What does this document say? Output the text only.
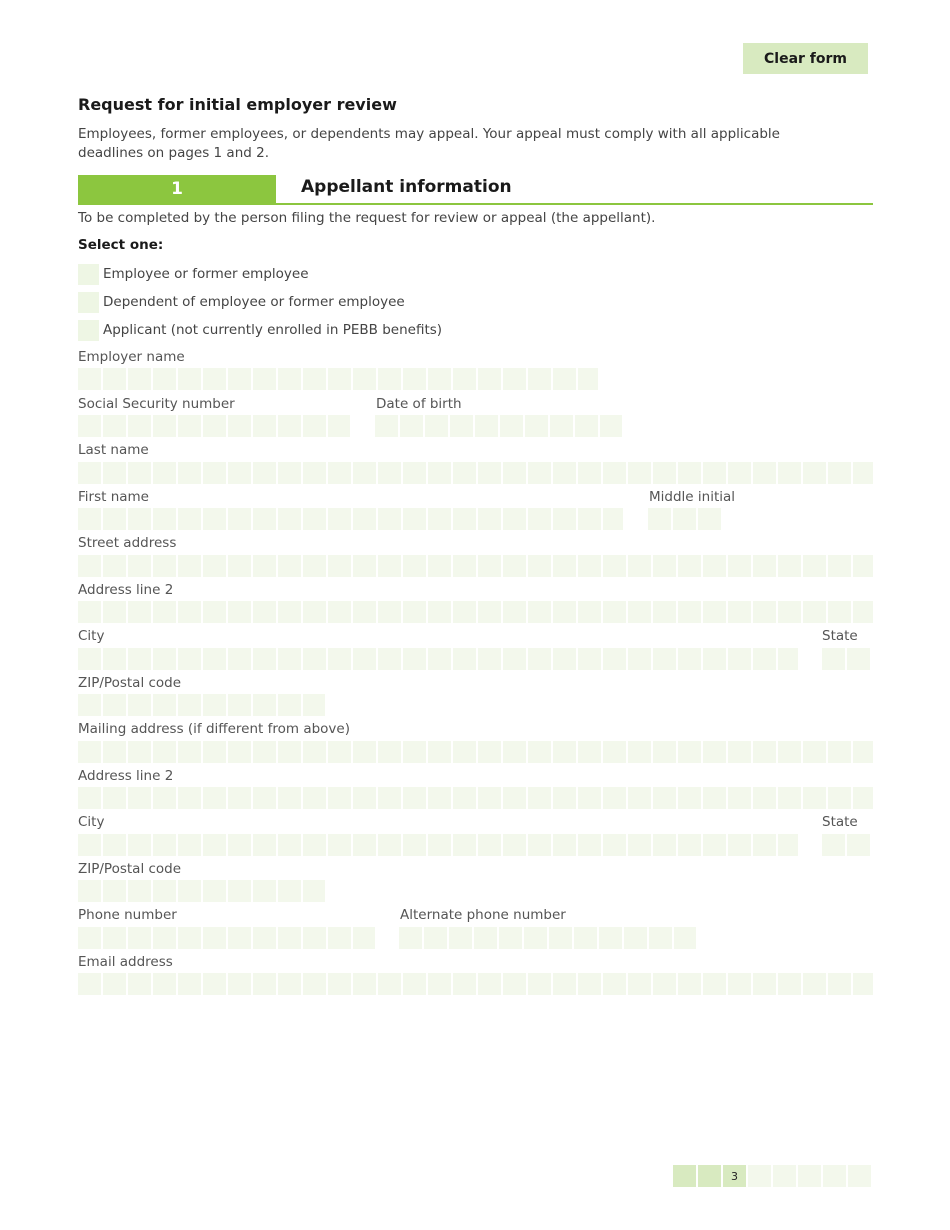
Clear form
Request for initial employer review
Employees, former employees, or dependents may appeal. Your appeal must comply with all applicable deadlines on pages 1 and 2.
1	Appellant information
To be completed by the person filing the request for review or appeal (the appellant).
Select one:
Employee or former employee
Dependent of employee or former employee
Applicant (not currently enrolled in PEBB benefits)
Employer name
Social Security number	Date of birth
Last name
First name	Middle initial
Street address
Address line 2
City	State
ZIP/Postal code
Mailing address (if different from above)
Address line 2
City	State
ZIP/Postal code
Phone number	Alternate phone number
Email address
3
